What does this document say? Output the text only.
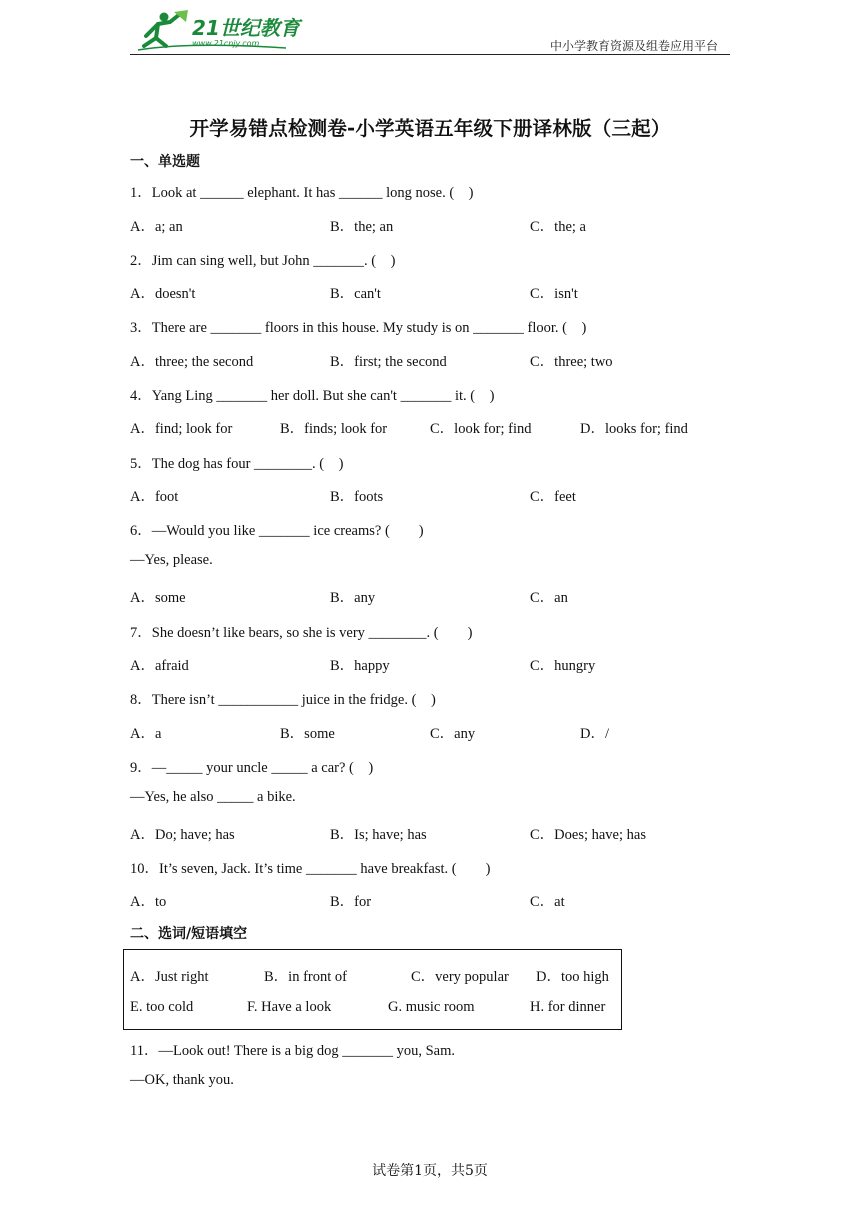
21世纪教育
www.21cnjy.com	中小学教育资源及组卷应用平台
开学易错点检测卷-小学英语五年级下册译林版（三起）
一、单选题
1．Look at ______ elephant. It has ______ long nose. (　)
A．a; an	B．the; an	C．the; a
2．Jim can sing well, but John _______. (　)
A．doesn't	B．can't	C．isn't
3．There are _______ floors in this house. My study is on _______ floor. (　)
A．three; the second	B．first; the second	C．three; two
4．Yang Ling _______ her doll. But she can't _______ it. (　)
A．find; look for	B．finds; look for	C．look for; find	D．looks for; find
5．The dog has four ________. (　)
A．foot	B．foots	C．feet
6．—Would you like _______ ice creams? (　　)
—Yes, please.
A．some	B．any	C．an
7．She doesn’t like bears, so she is very ________. (　　)
A．afraid	B．happy	C．hungry
8．There isn’t ___________ juice in the fridge. (　)
A．a	B．some	C．any	D．/
9．—_____ your uncle _____ a car? (　)
—Yes, he also _____ a bike.
A．Do; have; has	B．Is; have; has	C．Does; have; has
10．It’s seven, Jack. It’s time _______ have breakfast. (　　)
A．to	B．for	C．at
二、选词/短语填空
A．Just right	B．in front of	C．very popular D．too high
E. too cold	F. Have a look	G. music room	H. for dinner
11．—Look out! There is a big dog _______ you, Sam.
—OK, thank you.
试卷第1页，共5页
